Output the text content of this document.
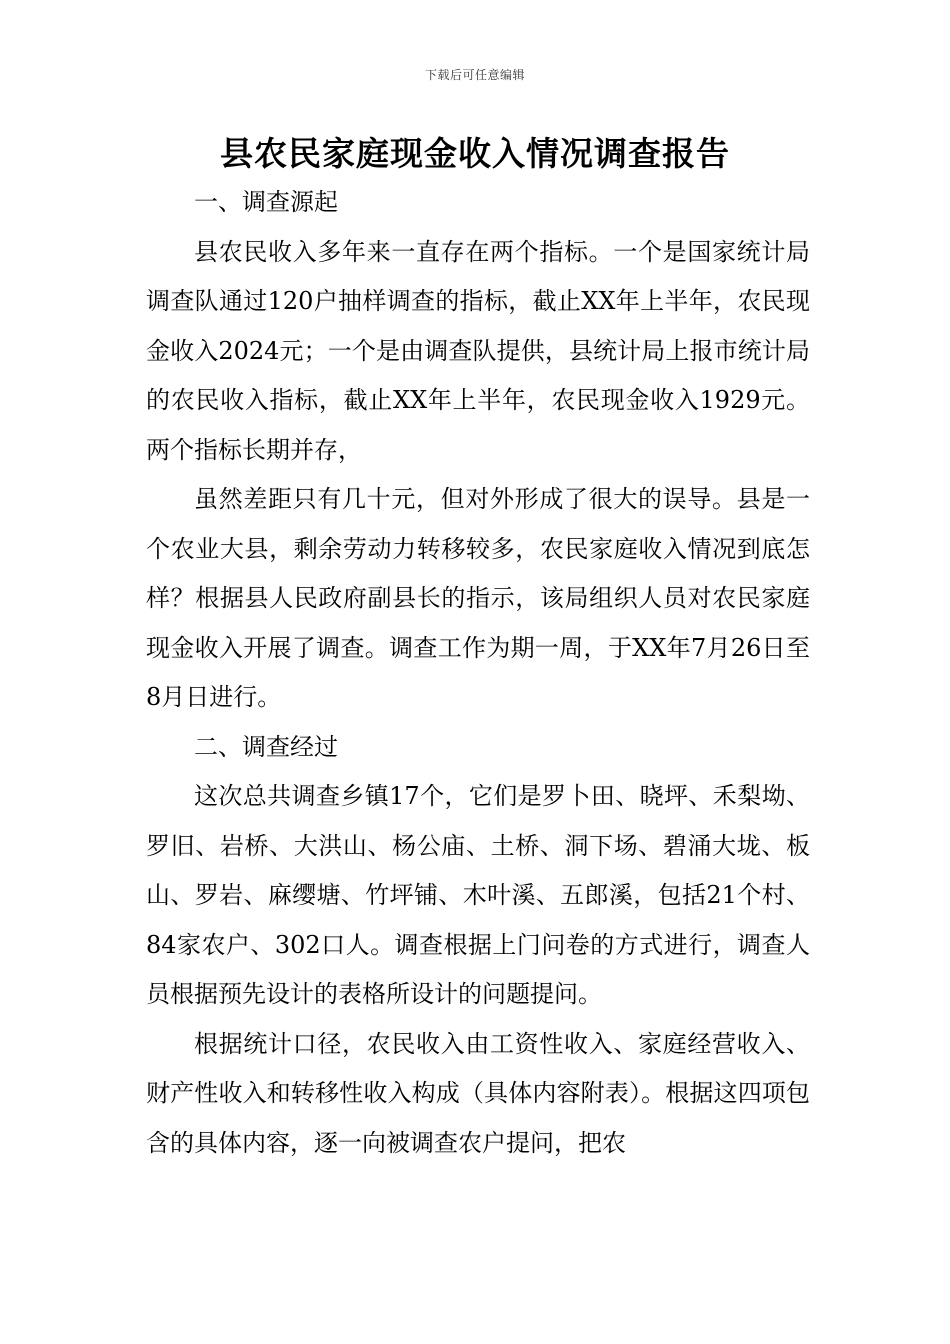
下载后可任意编辑
县农民家庭现金收入情况调查报告

一、调查源起

县农民收入多年来一直存在两个指标。一个是国家统计局调查队通过120户抽样调查的指标，截止XX年上半年，农民现金收入2024元；一个是由调查队提供，县统计局上报市统计局的农民收入指标，截止XX年上半年，农民现金收入1929元。两个指标长期并存，

虽然差距只有几十元，但对外形成了很大的误导。县是一个农业大县，剩余劳动力转移较多，农民家庭收入情况到底怎样？根据县人民政府副县长的指示，该局组织人员对农民家庭现金收入开展了调查。调查工作为期一周，于XX年7月26日至8月日进行。

二、调查经过

这次总共调查乡镇17个，它们是罗卜田、晓坪、禾梨坳、罗旧、岩桥、大洪山、杨公庙、土桥、洞下场、碧涌大垅、板山、罗岩、麻缨塘、竹坪铺、木叶溪、五郎溪，包括21个村、84家农户、302口人。调查根据上门问卷的方式进行，调查人员根据预先设计的表格所设计的问题提问。

根据统计口径，农民收入由工资性收入、家庭经营收入、财产性收入和转移性收入构成（具体内容附表）。根据这四项包含的具体内容，逐一向被调查农户提问，把农
